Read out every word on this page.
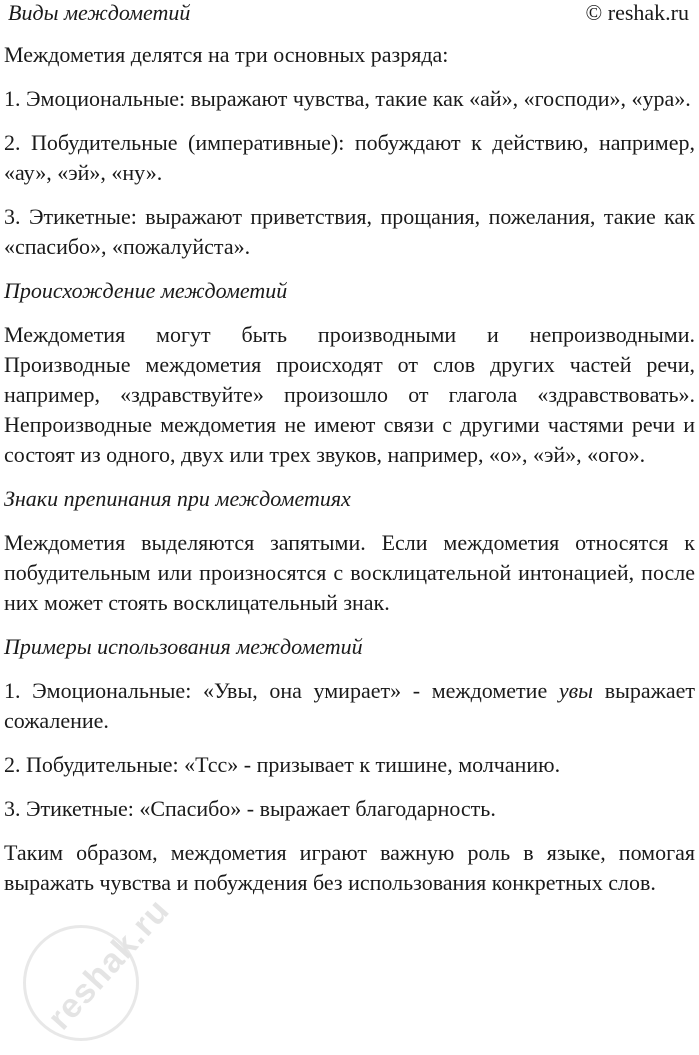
Виды междометий	© reshak.ru

Междометия делятся на три основных разряда:

1. Эмоциональные: выражают чувства, такие как «ай», «господи», «ура».

2. Побудительные (императивные): побуждают к действию, например, «ау», «эй», «ну».

3. Этикетные: выражают приветствия, прощания, пожелания, такие как «спасибо», «пожалуйста».

Происхождение междометий

Междометия могут быть производными и непроизводными. Производные междометия происходят от слов других частей речи, например, «здравствуйте» произошло от глагола «здравствовать». Непроизводные междометия не имеют связи с другими частями речи и состоят из одного, двух или трех звуков, например, «о», «эй», «ого».

Знаки препинания при междометиях

Междометия выделяются запятыми. Если междометия относятся к побудительным или произносятся с восклицательной интонацией, после них может стоять восклицательный знак.

Примеры использования междометий

1. Эмоциональные: «Увы, она умирает» - междометие увы выражает сожаление.

2. Побудительные: «Тсс» - призывает к тишине, молчанию.

3. Этикетные: «Спасибо» - выражает благодарность.

Таким образом, междометия играют важную роль в языке, помогая выражать чувства и побуждения без использования конкретных слов.

reshak.ru
